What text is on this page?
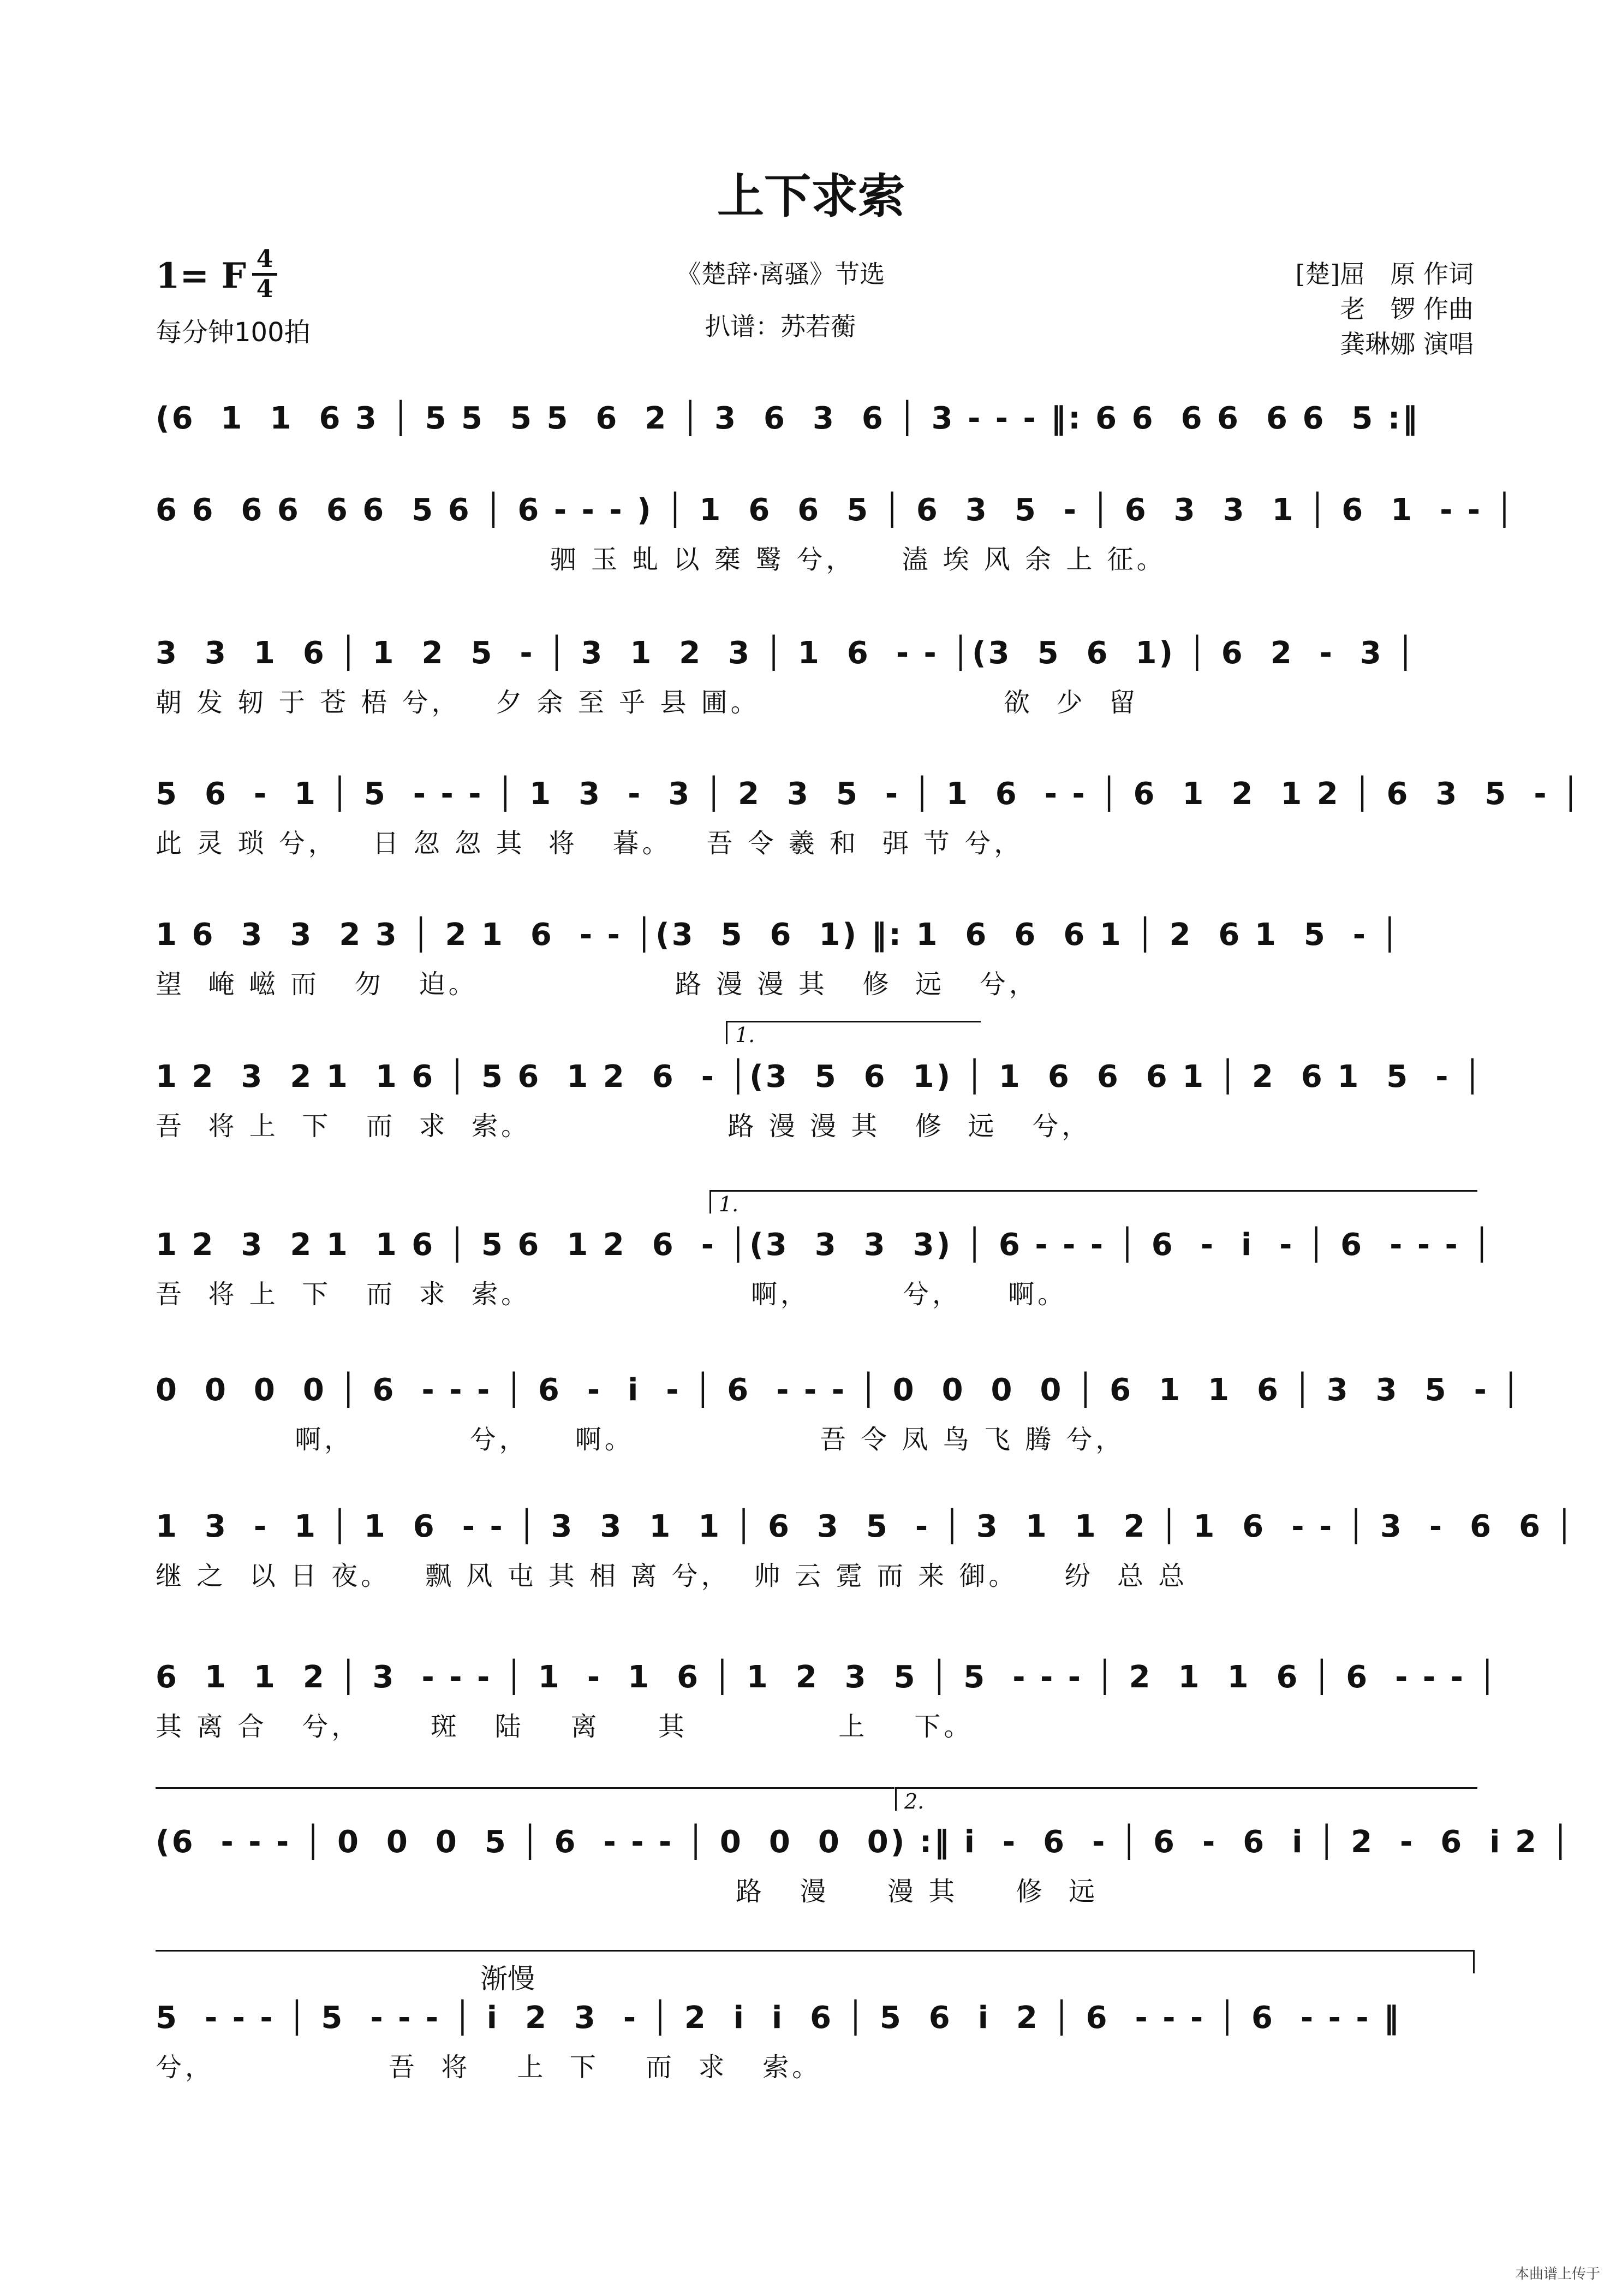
上下求索
1= F 4
4
每分钟100拍
《楚辞·离骚》节选
扒谱：苏若蘅
[楚]屈　原 作词
老　锣 作曲
龚琳娜 演唱
(6  1  1  6 3 │ 5 5  5 5  6  2 │ 3  6  3  6 │ 3 - - - ‖: 6 6  6 6  6 6  5 :‖
6 6  6 6  6 6  5 6 │ 6 - - - ) │ 1  6  6  5 │ 6  3  5  - │ 6  3  3  1 │ 6  1  - - │
驷 玉 虬 以 椉 鹥 兮，    溘 埃 风 余 上 征。
3  3  1  6 │ 1  2  5  - │ 3  1  2  3 │ 1  6  - - │(3  5  6  1) │ 6  2  -  3 │
朝 发 轫 于 苍 梧 兮，   夕 余 至 乎 县 圃。                     欲  少  留
5  6  -  1 │ 5  - - - │ 1  3  -  3 │ 2  3  5  - │ 1  6  - - │ 6  1  2  1 2 │ 6  3  5  - │
此 灵 琐 兮，   日 忽 忽 其  将   暮。   吾 令 羲 和  弭 节 兮，
1 6  3  3  2 3 │ 2 1  6  - - │(3  5  6  1) ‖: 1  6  6  6 1 │ 2  6 1  5  - │
望  崦 嵫 而   勿   迫。                 路 漫 漫 其   修  远   兮，
1.
1 2  3  2 1  1 6 │ 5 6  1 2  6  - │(3  5  6  1) │ 1  6  6  6 1 │ 2  6 1  5  - │
吾  将 上  下   而  求  索。                 路 漫 漫 其   修  远   兮，
1.
1 2  3  2 1  1 6 │ 5 6  1 2  6  - │(3  3  3  3) │ 6 - - - │ 6  -  i  - │ 6  - - - │
吾  将 上  下   而  求  索。                   啊，        兮，    啊。
0  0  0  0 │ 6  - - - │ 6  -  i  - │ 6  - - - │ 0  0  0  0 │ 6  1  1  6 │ 3  3  5  - │
啊，          兮，    啊。                吾 令 凤 鸟 飞 腾 兮，
1  3  -  1 │ 1  6  - - │ 3  3  1  1 │ 6  3  5  - │ 3  1  1  2 │ 1  6  - - │ 3  -  6  6 │
继 之  以 日 夜。   飘 风 屯 其 相 离 兮，  帅 云 霓 而 来 御。    纷  总 总
6  1  1  2 │ 3  - - - │ 1  -  1  6 │ 1  2  3  5 │ 5  - - - │ 2  1  1  6 │ 6  - - - │
其 离 合   兮，      斑   陆    离     其             上    下。
2.
(6  - - - │ 0  0  0  5 │ 6  - - - │ 0  0  0  0) :‖ i  -  6  - │ 6  -  6  i │ 2  -  6  i 2 │
路   漫     漫 其     修  远
渐慢
5  - - - │ 5  - - - │ i  2  3  - │ 2  i  i  6 │ 5  6  i  2 │ 6  - - - │ 6  - - - ‖
兮，               吾  将    上  下    而  求   索。
本曲谱上传于
